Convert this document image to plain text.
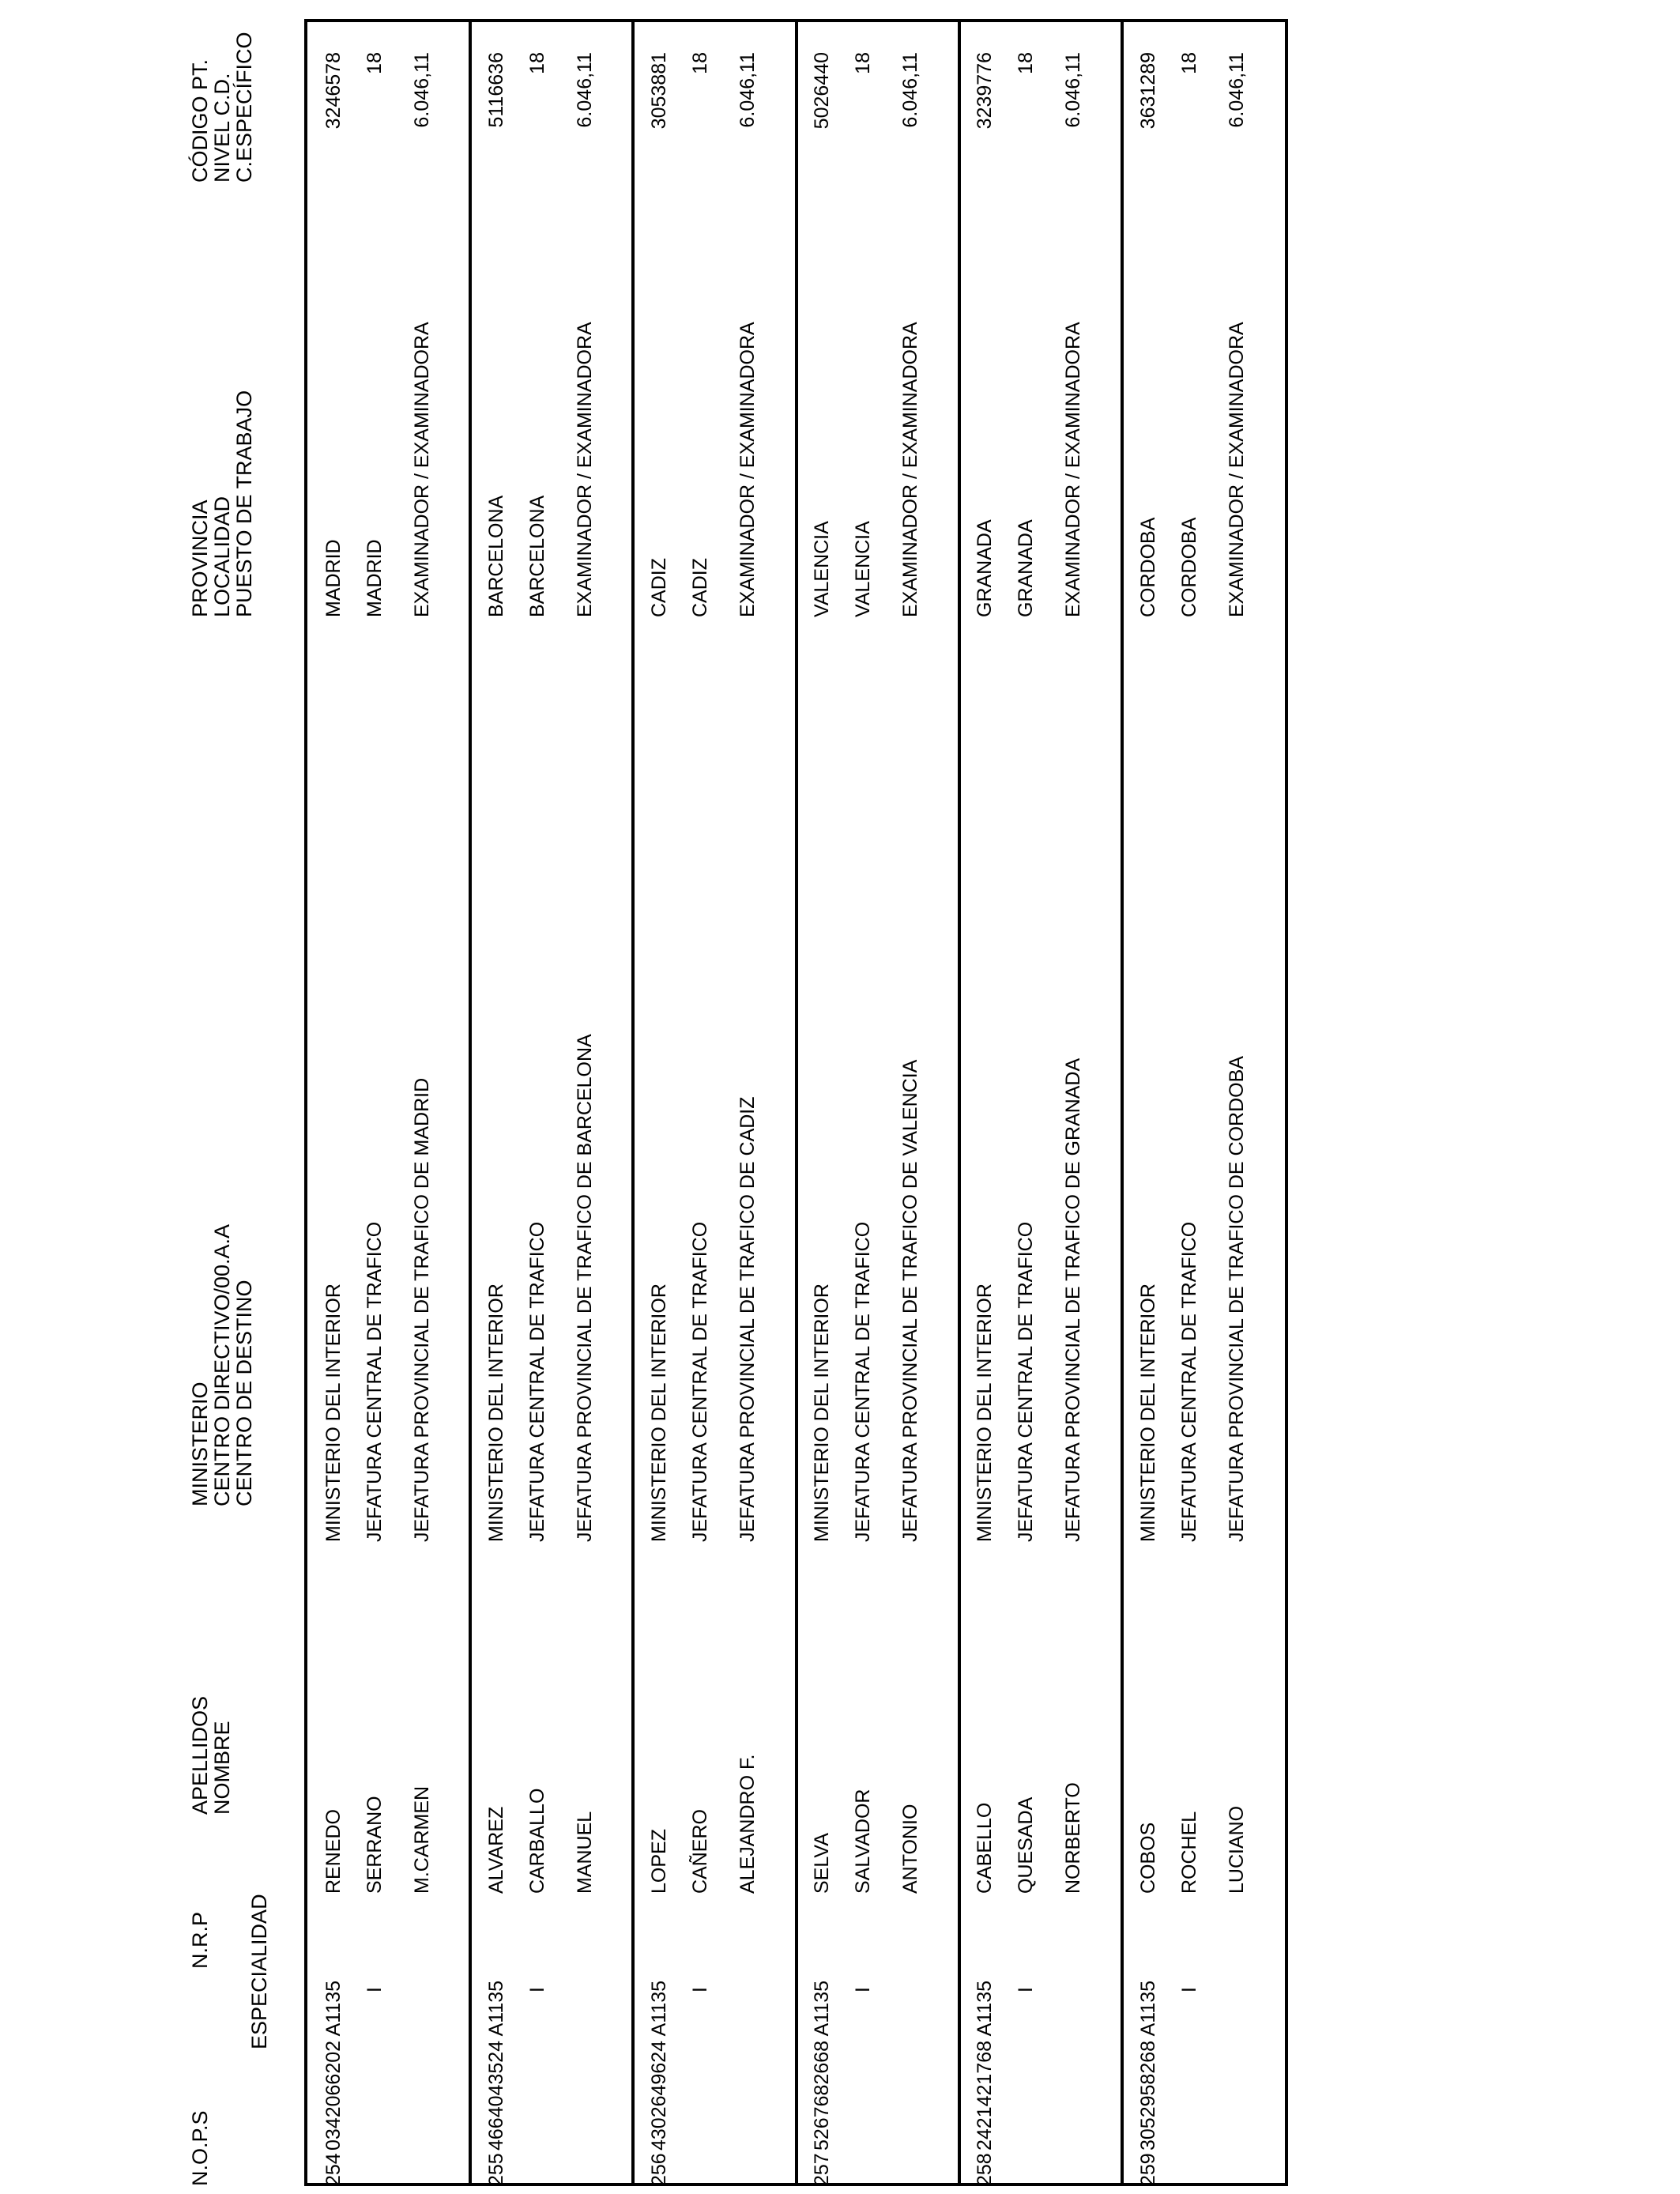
N.O.P.S
N.R.P ESPECIALIDAD
APELLIDOS
NOMBRE
MINISTERIO
CENTRO DIRECTIVO/00.A.A
CENTRO DE DESTINO
PROVINCIA
LOCALIDAD
PUESTO DE TRABAJO
CÓDIGO PT.
NIVEL C.D.
C.ESPECÍFICO
254
0342066202 A1135 I
RENEDO SERRANO M.CARMEN
MINISTERIO DEL INTERIOR JEFATURA CENTRAL DE TRAFICO JEFATURA PROVINCIAL DE TRAFICO DE MADRID
MADRID MADRID EXAMINADOR / EXAMINADORA
3246578 18 6.046,11
255
4664043524 A1135 I
ALVAREZ CARBALLO MANUEL
MINISTERIO DEL INTERIOR JEFATURA CENTRAL DE TRAFICO JEFATURA PROVINCIAL DE TRAFICO DE BARCELONA
BARCELONA BARCELONA EXAMINADOR / EXAMINADORA
5116636 18 6.046,11
256
4302649624 A1135 I
LOPEZ CAÑERO ALEJANDRO F.
MINISTERIO DEL INTERIOR JEFATURA CENTRAL DE TRAFICO JEFATURA PROVINCIAL DE TRAFICO DE CADIZ
CADIZ CADIZ EXAMINADOR / EXAMINADORA
3053881 18 6.046,11
257
5267682668 A1135 I
SELVA SALVADOR ANTONIO
MINISTERIO DEL INTERIOR JEFATURA CENTRAL DE TRAFICO JEFATURA PROVINCIAL DE TRAFICO DE VALENCIA
VALENCIA VALENCIA EXAMINADOR / EXAMINADORA
5026440 18 6.046,11
258
2421421768 A1135 I
CABELLO QUESADA NORBERTO
MINISTERIO DEL INTERIOR JEFATURA CENTRAL DE TRAFICO JEFATURA PROVINCIAL DE TRAFICO DE GRANADA
GRANADA GRANADA EXAMINADOR / EXAMINADORA
3239776 18 6.046,11
259
3052958268 A1135 I
COBOS ROCHEL LUCIANO
MINISTERIO DEL INTERIOR JEFATURA CENTRAL DE TRAFICO JEFATURA PROVINCIAL DE TRAFICO DE CORDOBA
CORDOBA CORDOBA EXAMINADOR / EXAMINADORA
3631289 18 6.046,11
